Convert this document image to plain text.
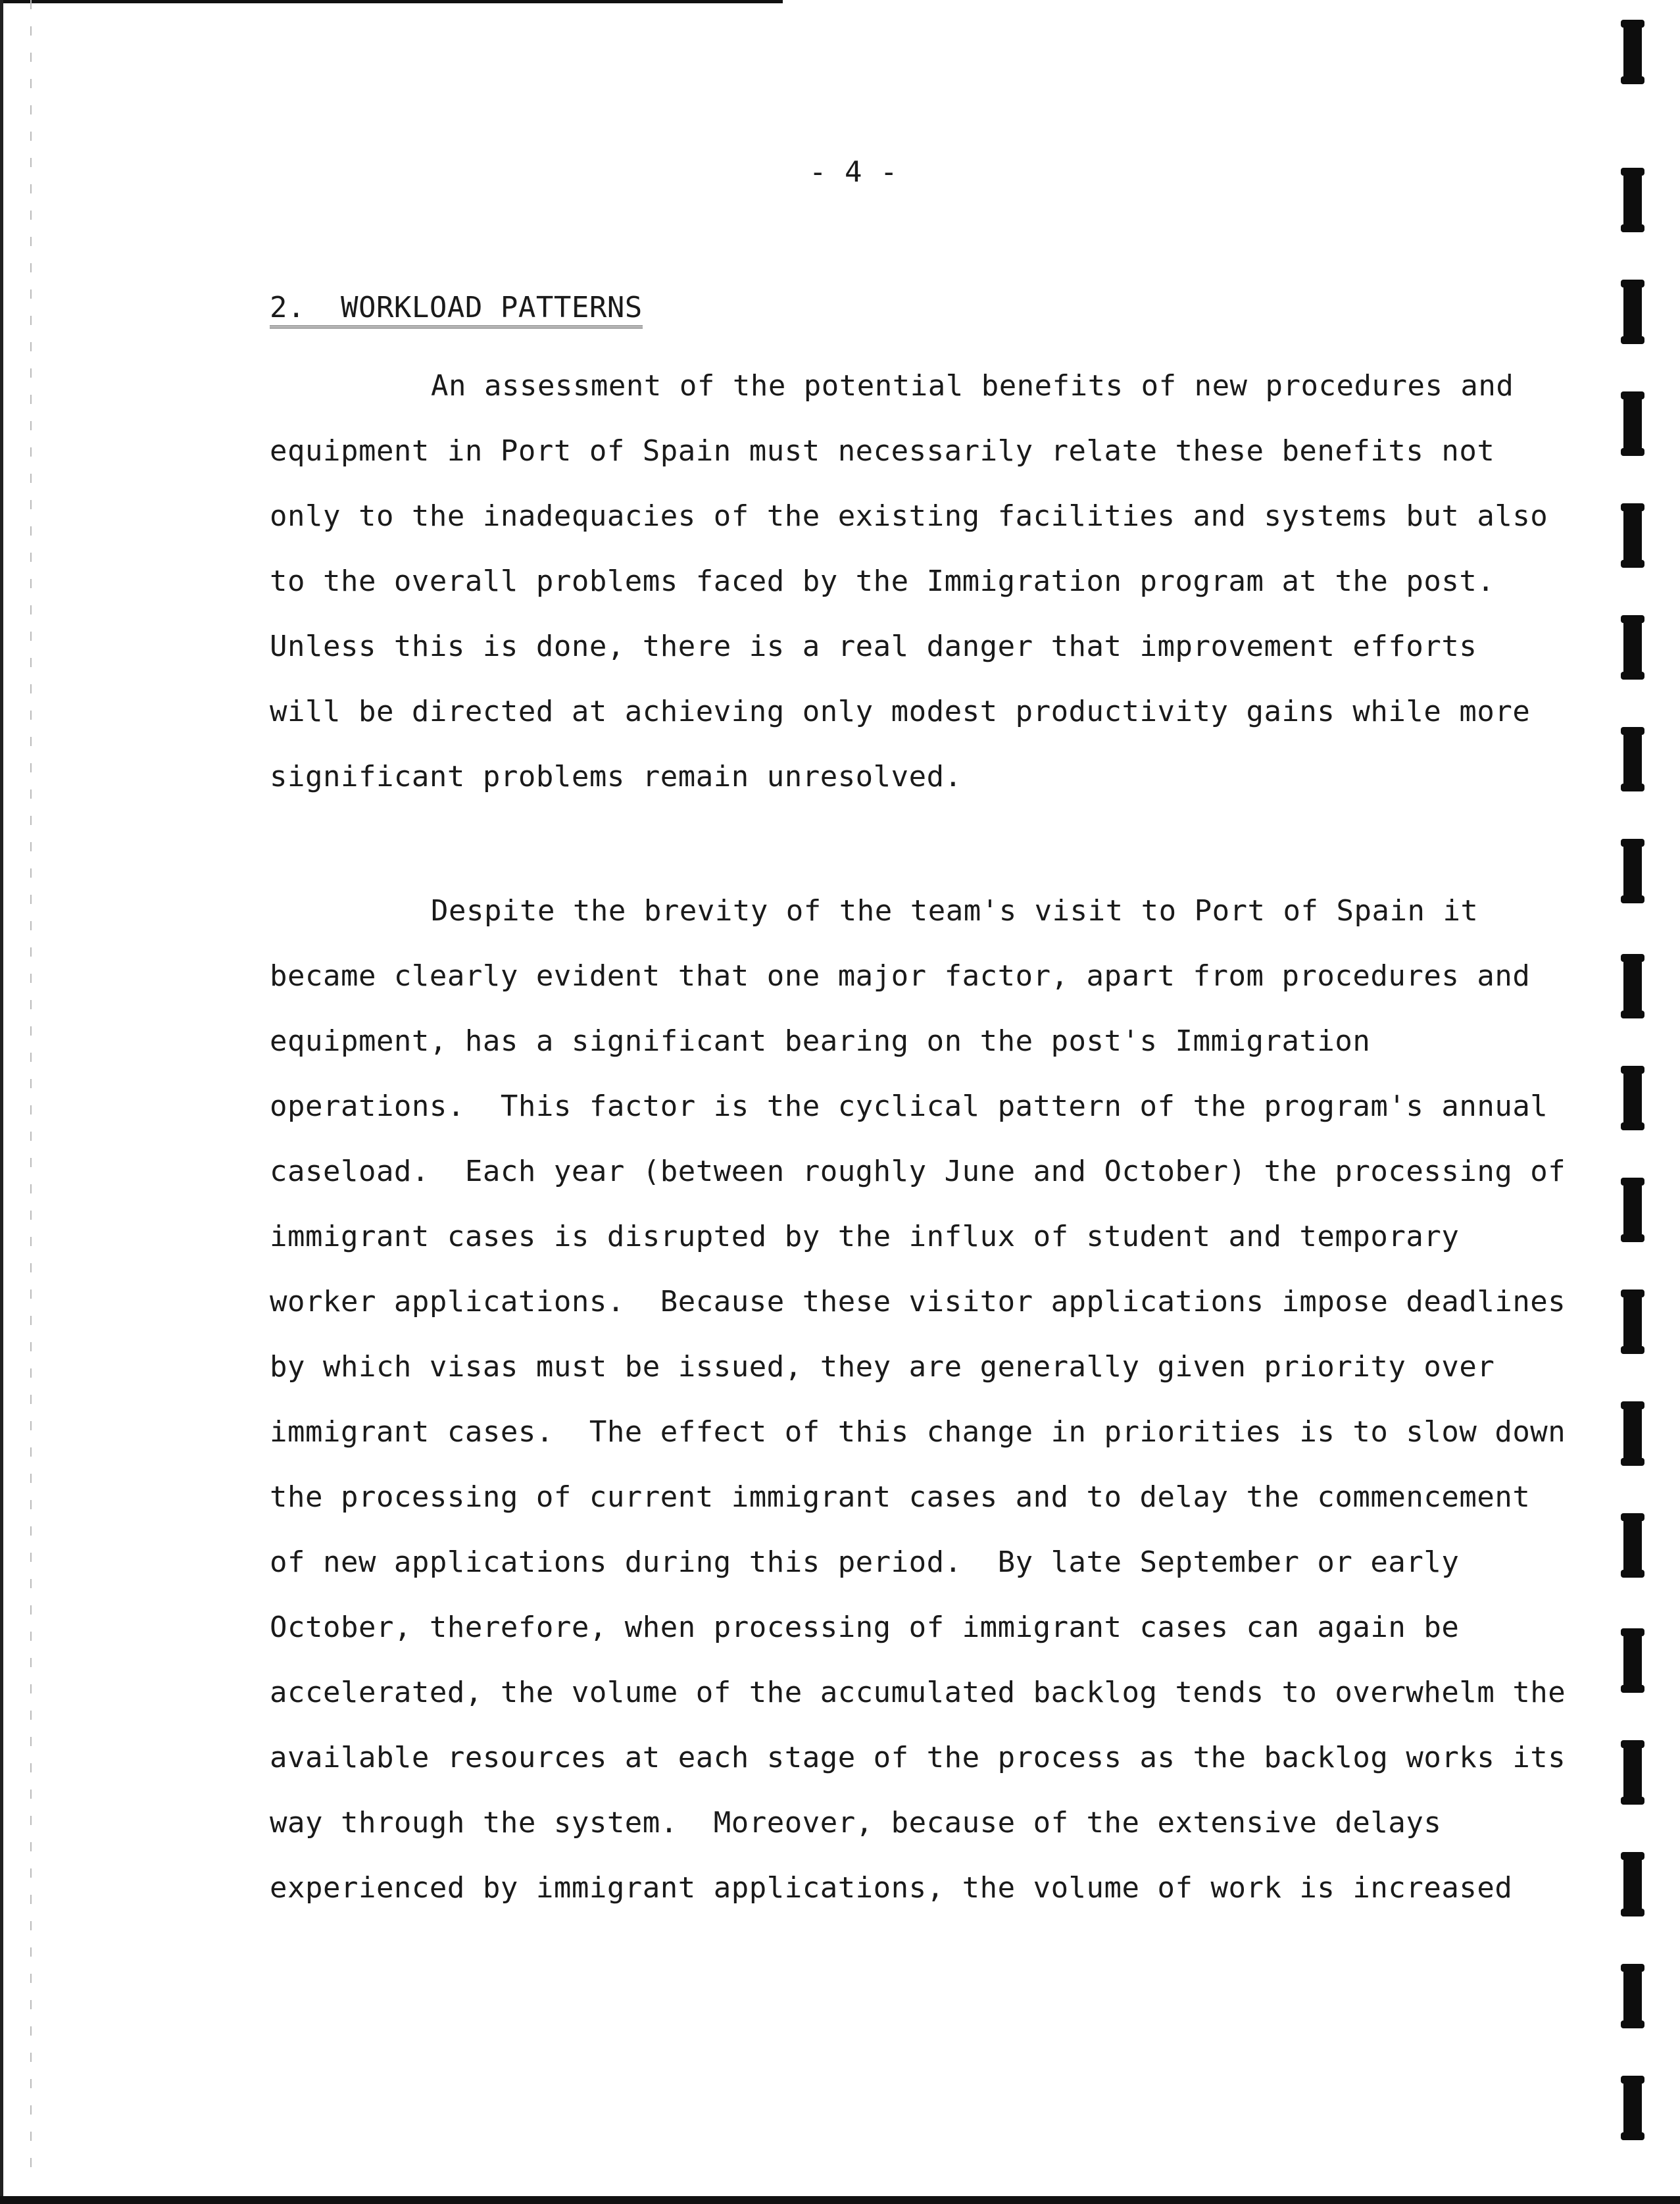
- 4 -
2.  WORKLOAD PATTERNS
An assessment of the potential benefits of new procedures and
equipment in Port of Spain must necessarily relate these benefits not
only to the inadequacies of the existing facilities and systems but also
to the overall problems faced by the Immigration program at the post.
Unless this is done, there is a real danger that improvement efforts
will be directed at achieving only modest productivity gains while more
significant problems remain unresolved.
Despite the brevity of the team's visit to Port of Spain it
became clearly evident that one major factor, apart from procedures and
equipment, has a significant bearing on the post's Immigration
operations.  This factor is the cyclical pattern of the program's annual
caseload.  Each year (between roughly June and October) the processing of
immigrant cases is disrupted by the influx of student and temporary
worker applications.  Because these visitor applications impose deadlines
by which visas must be issued, they are generally given priority over
immigrant cases.  The effect of this change in priorities is to slow down
the processing of current immigrant cases and to delay the commencement
of new applications during this period.  By late September or early
October, therefore, when processing of immigrant cases can again be
accelerated, the volume of the accumulated backlog tends to overwhelm the
available resources at each stage of the process as the backlog works its
way through the system.  Moreover, because of the extensive delays
experienced by immigrant applications, the volume of work is increased
